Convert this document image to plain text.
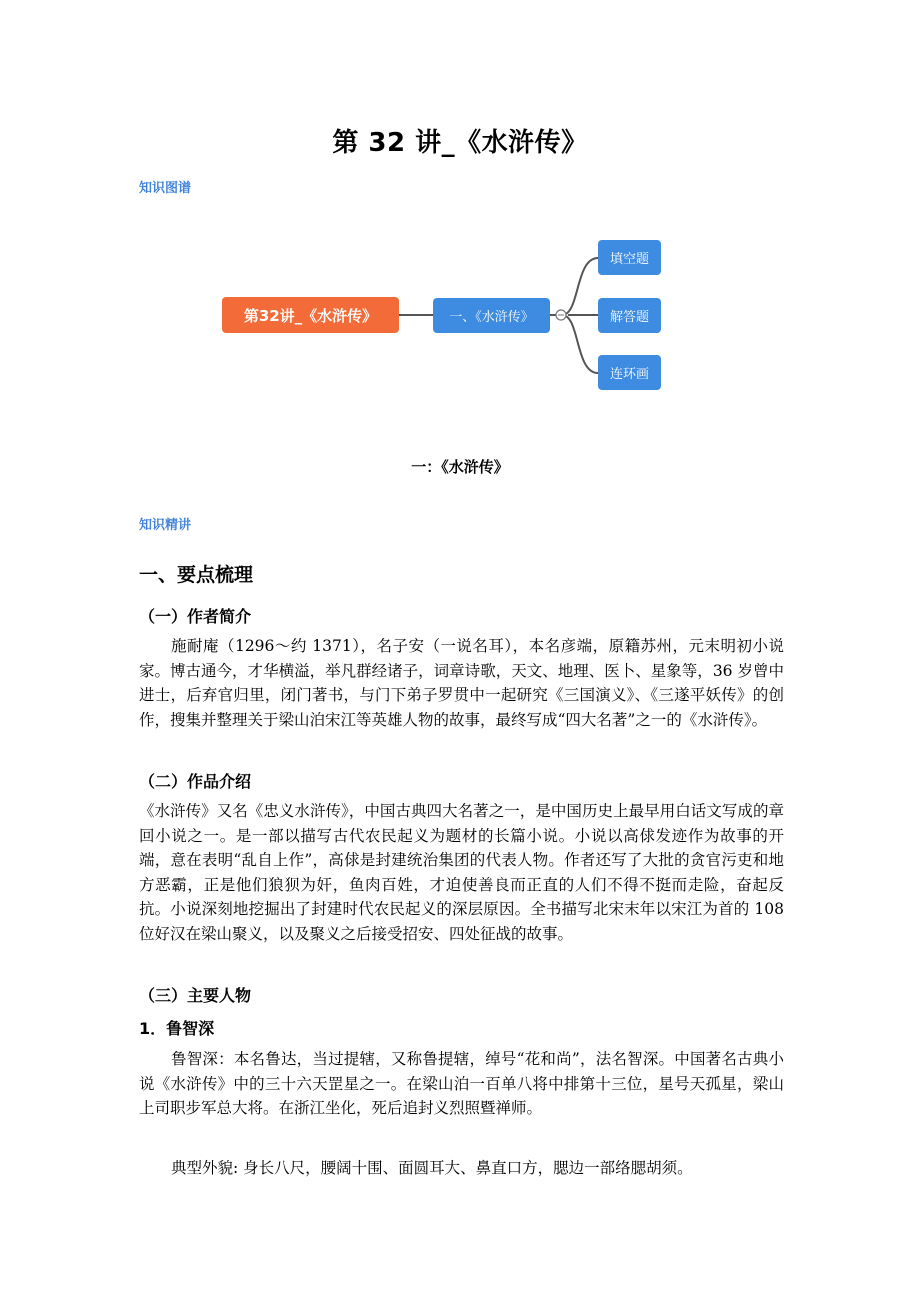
第 32 讲_《水浒传》
知识图谱
第32讲_《水浒传》	一、《水浒传》
填空题
解答题
连环画
一：《水浒传》
知识精讲
一、要点梳理
（一）作者简介
施耐庵（1296～约 1371），名子安（一说名耳），本名彦端，原籍苏州，元末明初小说家。博古通今，才华横溢，举凡群经诸子，词章诗歌，天文、地理、医卜、星象等，36 岁曾中进士，后弃官归里，闭门著书，与门下弟子罗贯中一起研究《三国演义》、《三遂平妖传》的创作，搜集并整理关于梁山泊宋江等英雄人物的故事，最终写成“四大名著”之一的《水浒传》。
（二）作品介绍
《水浒传》又名《忠义水浒传》，中国古典四大名著之一，是中国历史上最早用白话文写成的章回小说之一。是一部以描写古代农民起义为题材的长篇小说。小说以高俅发迹作为故事的开端，意在表明“乱自上作”，高俅是封建统治集团的代表人物。作者还写了大批的贪官污吏和地方恶霸，正是他们狼狈为奸，鱼肉百姓，才迫使善良而正直的人们不得不挺而走险，奋起反抗。小说深刻地挖掘出了封建时代农民起义的深层原因。全书描写北宋末年以宋江为首的 108 位好汉在梁山聚义，以及聚义之后接受招安、四处征战的故事。
（三）主要人物
1．鲁智深
鲁智深：本名鲁达，当过提辖，又称鲁提辖，绰号“花和尚”，法名智深。中国著名古典小说《水浒传》中的三十六天罡星之一。在梁山泊一百单八将中排第十三位，星号天孤星，梁山上司职步军总大将。在浙江坐化，死后追封义烈照暨禅师。
典型外貌: 身长八尺，腰阔十围、面圆耳大、鼻直口方，腮边一部络腮胡须。
